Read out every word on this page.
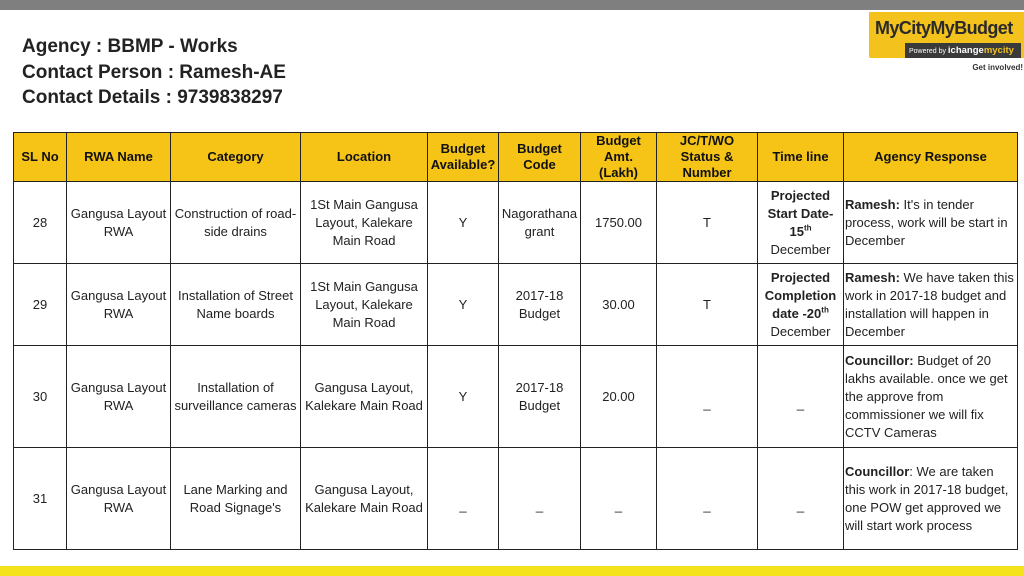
Agency : BBMP - Works
Contact Person : Ramesh-AE
Contact Details : 9739838297
MyCityMyBudget
Powered by ichangemycity
Get involved!
SL No	RWA Name	Category	Location	Budget Available?	Budget Code	Budget Amt. (Lakh)	JC/T/WO Status & Number	Time line	Agency Response
28	Gangusa Layout RWA	Construction of road-side drains	1St Main Gangusa Layout, Kalekare Main Road	Y	Nagorathana grant	1750.00	T	Projected Start Date-15th December	Ramesh: It's in tender process, work will be start in December
29	Gangusa Layout RWA	Installation of Street Name boards	1St Main Gangusa Layout, Kalekare Main Road	Y	2017-18 Budget	30.00	T	Projected Completion date -20th December	Ramesh: We have taken this work in 2017-18 budget and installation will happen in December
30	Gangusa Layout RWA	Installation of surveillance cameras	Gangusa Layout, Kalekare Main Road	Y	2017-18 Budget	20.00	_	_	Councillor: Budget of 20 lakhs available. once we get the approve from commissioner we will fix CCTV Cameras
31	Gangusa Layout RWA	Lane Marking and Road Signage's	Gangusa Layout, Kalekare Main Road	_	_	_	_	_	Councillor: We are taken this work in 2017-18 budget, one POW get approved we will start work process
